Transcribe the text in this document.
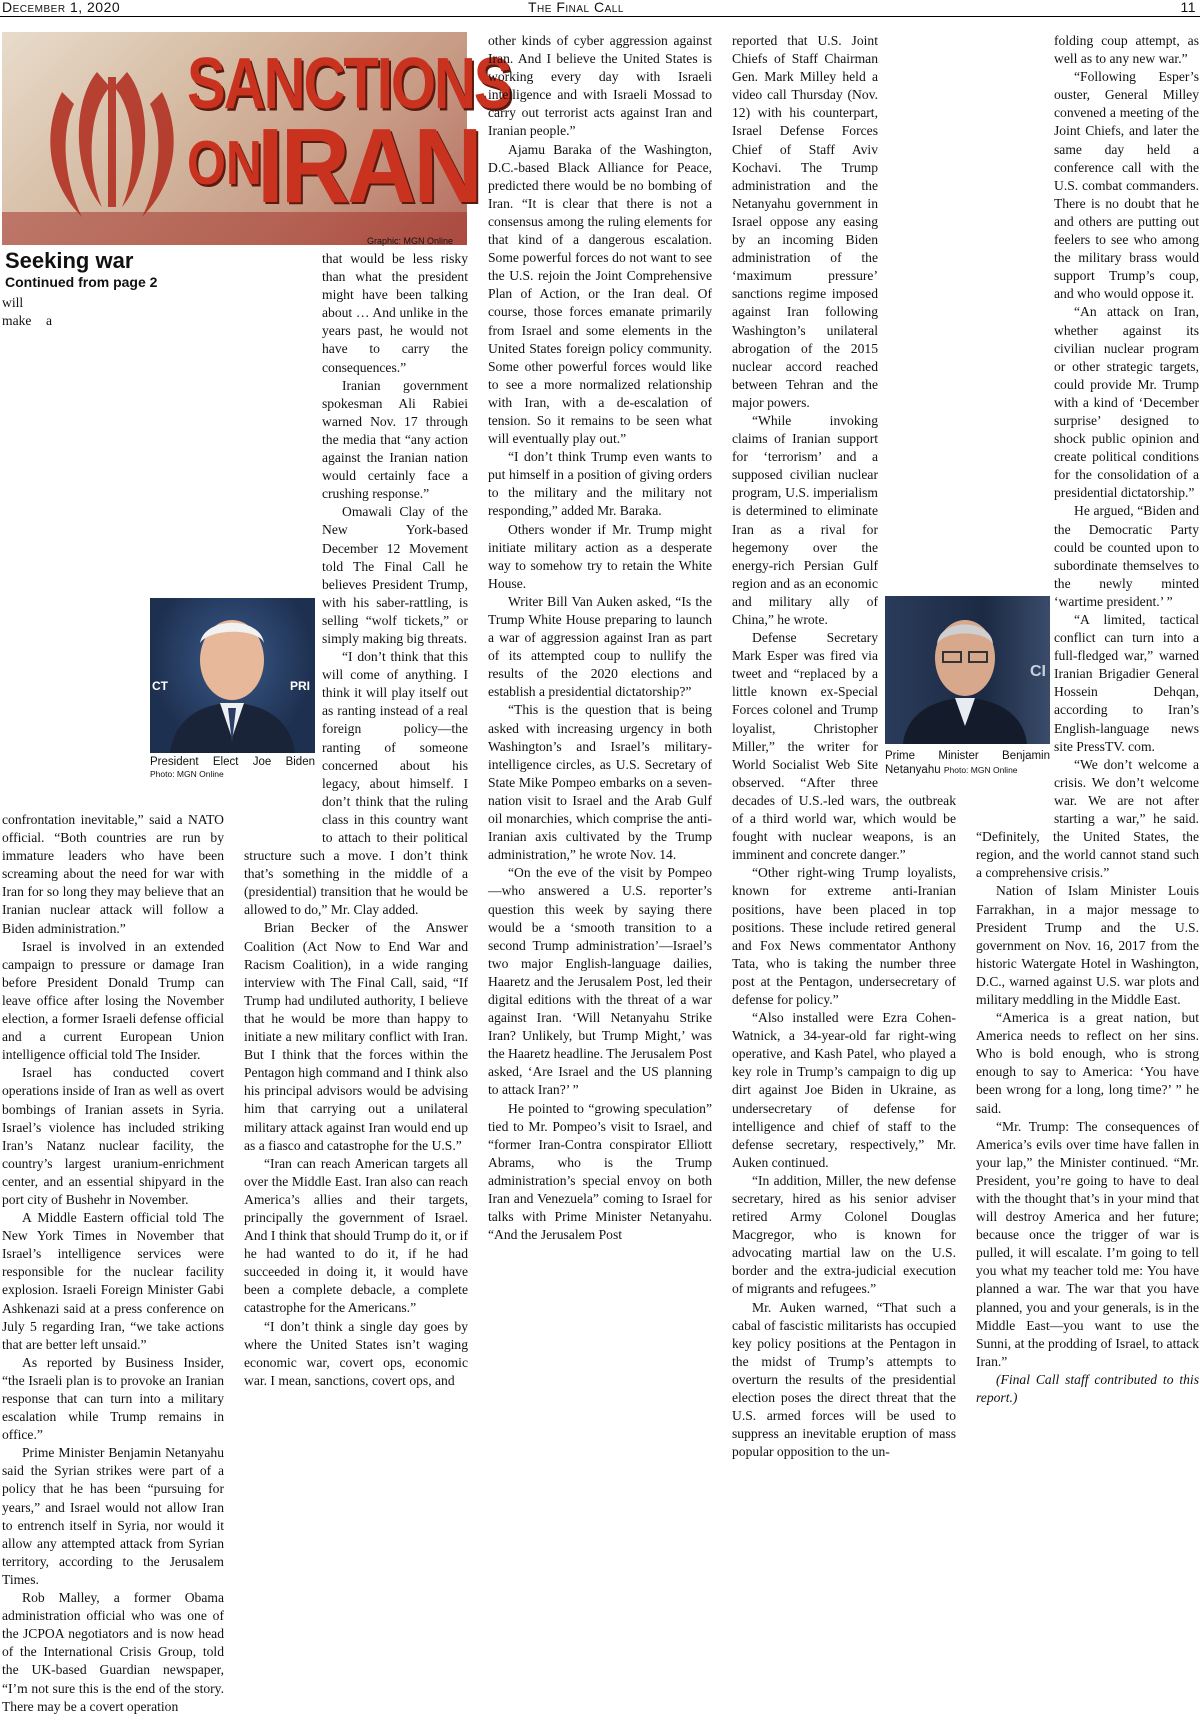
December 1, 2020	The Final Call	11
SANCTIONS
ON
IRAN
Graphic: MGN Online
Seeking war
Continued from page 2

will make a confrontation inevitable,” said a NATO official. “Both countries are run by immature leaders who have been screaming about the need for war with Iran for so long they may believe that an Iranian nuclear attack will follow a Biden administration.”

Israel is involved in an extended campaign to pressure or damage Iran before President Donald Trump can leave office after losing the November election, a former Israeli defense official and a current European Union intelligence official told The Insider.

Israel has conducted covert operations inside of Iran as well as overt bombings of Iranian assets in Syria. Israel’s violence has included striking Iran’s Natanz nuclear facility, the country’s largest uranium-enrichment center, and an essential shipyard in the port city of Bushehr in November.

A Middle Eastern official told The New York Times in November that Israel’s intelligence services were responsible for the nuclear facility explosion. Israeli Foreign Minister Gabi Ashkenazi said at a press conference on July 5 regarding Iran, “we take actions that are better left unsaid.”

As reported by Business Insider, “the Israeli plan is to provoke an Iranian response that can turn into a military escalation while Trump remains in office.”

Prime Minister Benjamin Netanyahu said the Syrian strikes were part of a policy that he has been “pursuing for years,” and Israel would not allow Iran to entrench itself in Syria, nor would it allow any attempted attack from Syrian territory, according to the Jerusalem Times.

Rob Malley, a former Obama administration official who was one of the JCPOA negotiators and is now head of the International Crisis Group, told the UK-based Guardian newspaper, “I’m not sure this is the end of the story. There may be a covert operation

CT	PRI
President Elect Joe Biden
Photo: MGN Online

that would be less risky than what the president might have been talking about … And unlike in the years past, he would not have to carry the consequences.”

Iranian government spokesman Ali Rabiei warned Nov. 17 through the media that “any action against the Iranian nation would certainly face a crushing response.”

Omawali Clay of the New York-based December 12 Movement told The Final Call he believes President Trump, with his saber-rattling, is selling “wolf tickets,” or simply making big threats.

“I don’t think that this will come of anything. I think it will play itself out as ranting instead of a real foreign policy—the ranting of someone concerned about his legacy, about himself. I don’t think that the ruling class in this country want to attach to their political structure such a move. I don’t think that’s something in the middle of a (presidential) transition that he would be allowed to do,” Mr. Clay added.

Brian Becker of the Answer Coalition (Act Now to End War and Racism Coalition), in a wide ranging interview with The Final Call, said, “If Trump had undiluted authority, I believe that he would be more than happy to initiate a new military conflict with Iran. But I think that the forces within the Pentagon high command and I think also his principal advisors would be advising him that carrying out a unilateral military attack against Iran would end up as a fiasco and catastrophe for the U.S.”

“Iran can reach American targets all over the Middle East. Iran also can reach America’s allies and their targets, principally the government of Israel. And I think that should Trump do it, or if he had wanted to do it, if he had succeeded in doing it, it would have been a complete debacle, a complete catastrophe for the Americans.”

“I don’t think a single day goes by where the United States isn’t waging economic war, covert ops, economic war. I mean, sanctions, covert ops, and

other kinds of cyber aggression against Iran. And I believe the United States is working every day with Israeli intelligence and with Israeli Mossad to carry out terrorist acts against Iran and Iranian people.”

Ajamu Baraka of the Washington, D.C.-based Black Alliance for Peace, predicted there would be no bombing of Iran. “It is clear that there is not a consensus among the ruling elements for that kind of a dangerous escalation. Some powerful forces do not want to see the U.S. rejoin the Joint Comprehensive Plan of Action, or the Iran deal. Of course, those forces emanate primarily from Israel and some elements in the United States foreign policy community. Some other powerful forces would like to see a more normalized relationship with Iran, with a de-escalation of tension. So it remains to be seen what will eventually play out.”

“I don’t think Trump even wants to put himself in a position of giving orders to the military and the military not responding,” added Mr. Baraka.

Others wonder if Mr. Trump might initiate military action as a desperate way to somehow try to retain the White House.

Writer Bill Van Auken asked, “Is the Trump White House preparing to launch a war of aggression against Iran as part of its attempted coup to nullify the results of the 2020 elections and establish a presidential dictatorship?”

“This is the question that is being asked with increasing urgency in both Washington’s and Israel’s military-intelligence circles, as U.S. Secretary of State Mike Pompeo embarks on a seven-nation visit to Israel and the Arab Gulf oil monarchies, which comprise the anti-Iranian axis cultivated by the Trump administration,” he wrote Nov. 14.

“On the eve of the visit by Pompeo—who answered a U.S. reporter’s question this week by saying there would be a ‘smooth transition to a second Trump administration’—Israel’s two major English-language dailies, Haaretz and the Jerusalem Post, led their digital editions with the threat of a war against Iran. ‘Will Netanyahu Strike Iran? Unlikely, but Trump Might,’ was the Haaretz headline. The Jerusalem Post asked, ‘Are Israel and the US planning to attack Iran?’ ”

He pointed to “growing speculation” tied to Mr. Pompeo’s visit to Israel, and “former Iran-Contra conspirator Elliott Abrams, who is the Trump administration’s special envoy on both Iran and Venezuela” coming to Israel for talks with Prime Minister Netanyahu. “And the Jerusalem Post

reported that U.S. Joint Chiefs of Staff Chairman Gen. Mark Milley held a video call Thursday (Nov. 12) with his counterpart, Israel Defense Forces Chief of Staff Aviv Kochavi. The Trump administration and the Netanyahu government in Israel oppose any easing by an incoming Biden administration of the ‘maximum pressure’ sanctions regime imposed against Iran following Washington’s unilateral abrogation of the 2015 nuclear accord reached between Tehran and the major powers.

“While invoking claims of Iranian support for ‘terrorism’ and a supposed civilian nuclear program, U.S. imperialism is determined to eliminate Iran as a rival for hegemony over the energy-rich Persian Gulf region and as an economic and military ally of China,” he wrote.

Defense Secretary Mark Esper was fired via tweet and “replaced by a little known ex-Special Forces colonel and Trump loyalist, Christopher Miller,” the writer for World Socialist Web Site observed. “After three decades of U.S.-led wars, the outbreak of a third world war, which would be fought with nuclear weapons, is an imminent and concrete danger.”

“Other right-wing Trump loyalists, known for extreme anti-Iranian positions, have been placed in top positions. These include retired general and Fox News commentator Anthony Tata, who is taking the number three post at the Pentagon, undersecretary of defense for policy.”

“Also installed were Ezra Cohen-Watnick, a 34-year-old far right-wing operative, and Kash Patel, who played a key role in Trump’s campaign to dig up dirt against Joe Biden in Ukraine, as undersecretary of defense for intelligence and chief of staff to the defense secretary, respectively,” Mr. Auken continued.

“In addition, Miller, the new defense secretary, hired as his senior adviser retired Army Colonel Douglas Macgregor, who is known for advocating martial law on the U.S. border and the extra-judicial execution of migrants and refugees.”

Mr. Auken warned, “That such a cabal of fascistic militarists has occupied key policy positions at the Pentagon in the midst of Trump’s attempts to overturn the results of the presidential election poses the direct threat that the U.S. armed forces will be used to suppress an inevitable eruption of mass popular opposition to the un-

CI
Prime Minister Benjamin Netanyahu Photo: MGN Online

folding coup attempt, as well as to any new war.”

“Following Esper’s ouster, General Milley convened a meeting of the Joint Chiefs, and later the same day held a conference call with the U.S. combat commanders. There is no doubt that he and others are putting out feelers to see who among the military brass would support Trump’s coup, and who would oppose it.

“An attack on Iran, whether against its civilian nuclear program or other strategic targets, could provide Mr. Trump with a kind of ‘December surprise’ designed to shock public opinion and create political conditions for the consolidation of a presidential dictatorship.”

He argued, “Biden and the Democratic Party could be counted upon to subordinate themselves to the newly minted ‘wartime president.’ ”

“A limited, tactical conflict can turn into a full-fledged war,” warned Iranian Brigadier General Hossein Dehqan, according to Iran’s English-language news site PressTV. com.

“We don’t welcome a crisis. We don’t welcome war. We are not after starting a war,” he said. “Definitely, the United States, the region, and the world cannot stand such a comprehensive crisis.”

Nation of Islam Minister Louis Farrakhan, in a major message to President Trump and the U.S. government on Nov. 16, 2017 from the historic Watergate Hotel in Washington, D.C., warned against U.S. war plots and military meddling in the Middle East.

“America is a great nation, but America needs to reflect on her sins. Who is bold enough, who is strong enough to say to America: ‘You have been wrong for a long, long time?’ ” he said.

“Mr. Trump: The consequences of America’s evils over time have fallen in your lap,” the Minister continued. “Mr. President, you’re going to have to deal with the thought that’s in your mind that will destroy America and her future; because once the trigger of war is pulled, it will escalate. I’m going to tell you what my teacher told me: You have planned a war. The war that you have planned, you and your generals, is in the Middle East—you want to use the Sunni, at the prodding of Israel, to attack Iran.”

(Final Call staff contributed to this report.)
